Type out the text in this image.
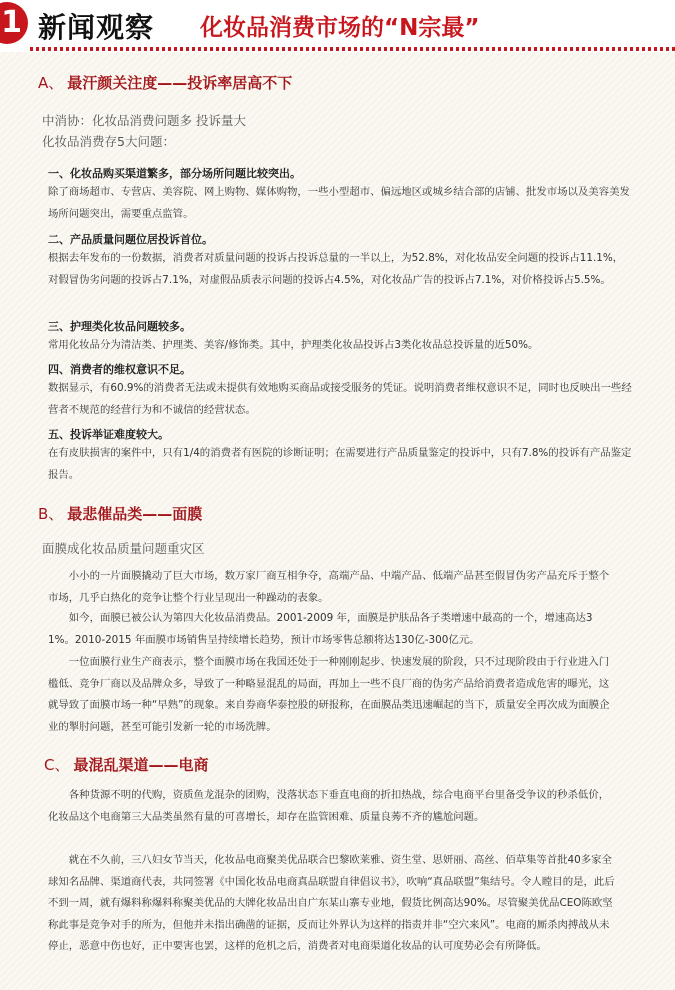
1 新闻观察 化妆品消费市场的“N宗最”
A、 最汗颜关注度——投诉率居高不下
中消协：化妆品消费问题多 投诉量大
化妆品消费存5大问题：
一、化妆品购买渠道繁多，部分场所问题比较突出。
除了商场超市、专营店、美容院、网上购物、媒体购物，一些小型超市、偏远地区或城乡结合部的店铺、批发市场以及美容美发场所问题突出，需要重点监管。
二、产品质量问题位居投诉首位。
根据去年发布的一份数据，消费者对质量问题的投诉占投诉总量的一半以上，为52.8%，对化妆品安全问题的投诉占11.1%，对假冒伪劣问题的投诉占7.1%，对虚假品质表示问题的投诉占4.5%，对化妆品广告的投诉占7.1%，对价格投诉占5.5%。
三、护理类化妆品问题较多。
常用化妆品分为清洁类、护理类、美容/修饰类。其中，护理类化妆品投诉占3类化妆品总投诉量的近50%。
四、消费者的维权意识不足。
数据显示，有60.9%的消费者无法或未提供有效地购买商品或接受服务的凭证。说明消费者维权意识不足，同时也反映出一些经营者不规范的经营行为和不诚信的经营状态。
五、投诉举证难度较大。
在有皮肤损害的案件中，只有1/4的消费者有医院的诊断证明；在需要进行产品质量鉴定的投诉中，只有7.8%的投诉有产品鉴定报告。
B、 最悲催品类——面膜
面膜成化妆品质量问题重灾区
小小的一片面膜撬动了巨大市场，数万家厂商互相争夺，高端产品、中端产品、低端产品甚至假冒伪劣产品充斥于整个市场，几乎白热化的竞争让整个行业呈现出一种躁动的表象。
如今，面膜已被公认为第四大化妆品消费品。2001-2009 年，面膜是护肤品各子类增速中最高的一个，增速高达31%。2010-2015 年面膜市场销售呈持续增长趋势，预计市场零售总额将达130亿-300亿元。
一位面膜行业生产商表示，整个面膜市场在我国还处于一种刚刚起步、快速发展的阶段，只不过现阶段由于行业进入门槛低、竞争厂商以及品牌众多，导致了一种略显混乱的局面，再加上一些不良厂商的伪劣产品给消费者造成危害的曝光，这就导致了面膜市场一种“早熟”的现象。来自券商华泰控股的研报称，在面膜品类迅速崛起的当下，质量安全再次成为面膜企业的掣肘问题，甚至可能引发新一轮的市场洗牌。
C、 最混乱渠道——电商
各种货源不明的代购，资质鱼龙混杂的团购，没落状态下垂直电商的折扣热战，综合电商平台里备受争议的秒杀低价，化妆品这个电商第三大品类虽然有量的可喜增长，却存在监管困难、质量良莠不齐的尴尬问题。
就在不久前，三八妇女节当天，化妆品电商聚美优品联合巴黎欧莱雅、资生堂、思妍丽、高丝、佰草集等首批40多家全球知名品牌、渠道商代表，共同签署《中国化妆品电商真品联盟自律倡议书》，吹响“真品联盟”集结号。令人瞠目的是，此后不到一周，就有爆料称爆料称聚美优品的大牌化妆品出自广东某山寨专业地，假货比例高达90%。尽管聚美优品CEO陈欧坚称此事是竞争对手的所为，但他并未指出确凿的证据，反而让外界认为这样的指责并非“空穴来风”。电商的厮杀肉搏战从未停止，恶意中伤也好，正中要害也罢，这样的危机之后，消费者对电商渠道化妆品的认可度势必会有所降低。
